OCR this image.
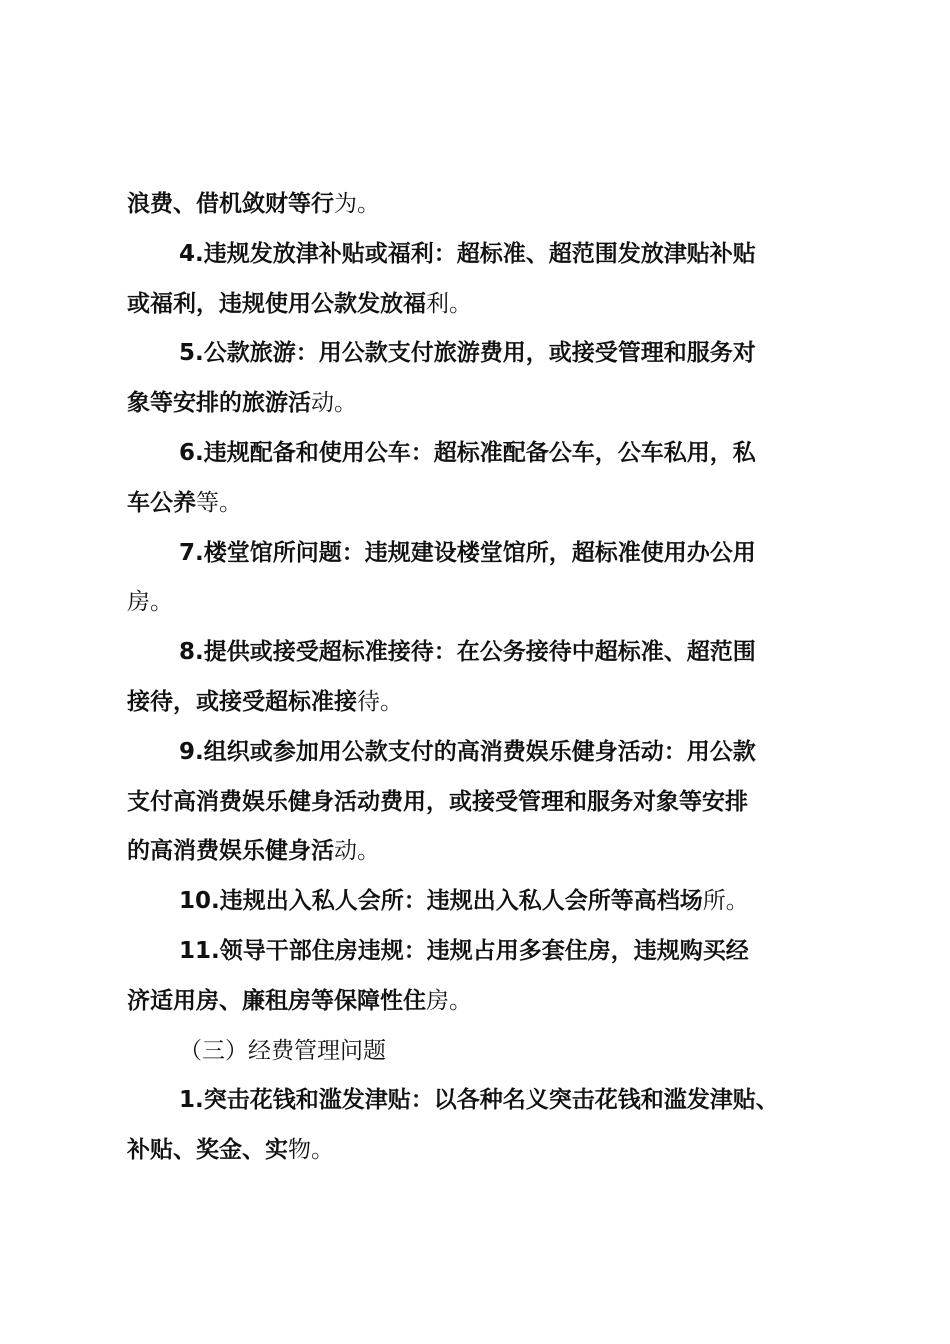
浪费、借机敛财等行为。

4.违规发放津补贴或福利：超标准、超范围发放津贴补贴
或福利，违规使用公款发放福利。

5.公款旅游：用公款支付旅游费用，或接受管理和服务对
象等安排的旅游活动。

6.违规配备和使用公车：超标准配备公车，公车私用，私
车公养等。

7.楼堂馆所问题：违规建设楼堂馆所，超标准使用办公用
房。

8.提供或接受超标准接待：在公务接待中超标准、超范围
接待，或接受超标准接待。

9.组织或参加用公款支付的高消费娱乐健身活动：用公款
支付高消费娱乐健身活动费用，或接受管理和服务对象等安排
的高消费娱乐健身活动。

10.违规出入私人会所：违规出入私人会所等高档场所。

11.领导干部住房违规：违规占用多套住房，违规购买经
济适用房、廉租房等保障性住房。

（三）经费管理问题

1.突击花钱和滥发津贴：以各种名义突击花钱和滥发津贴、
补贴、奖金、实物。
